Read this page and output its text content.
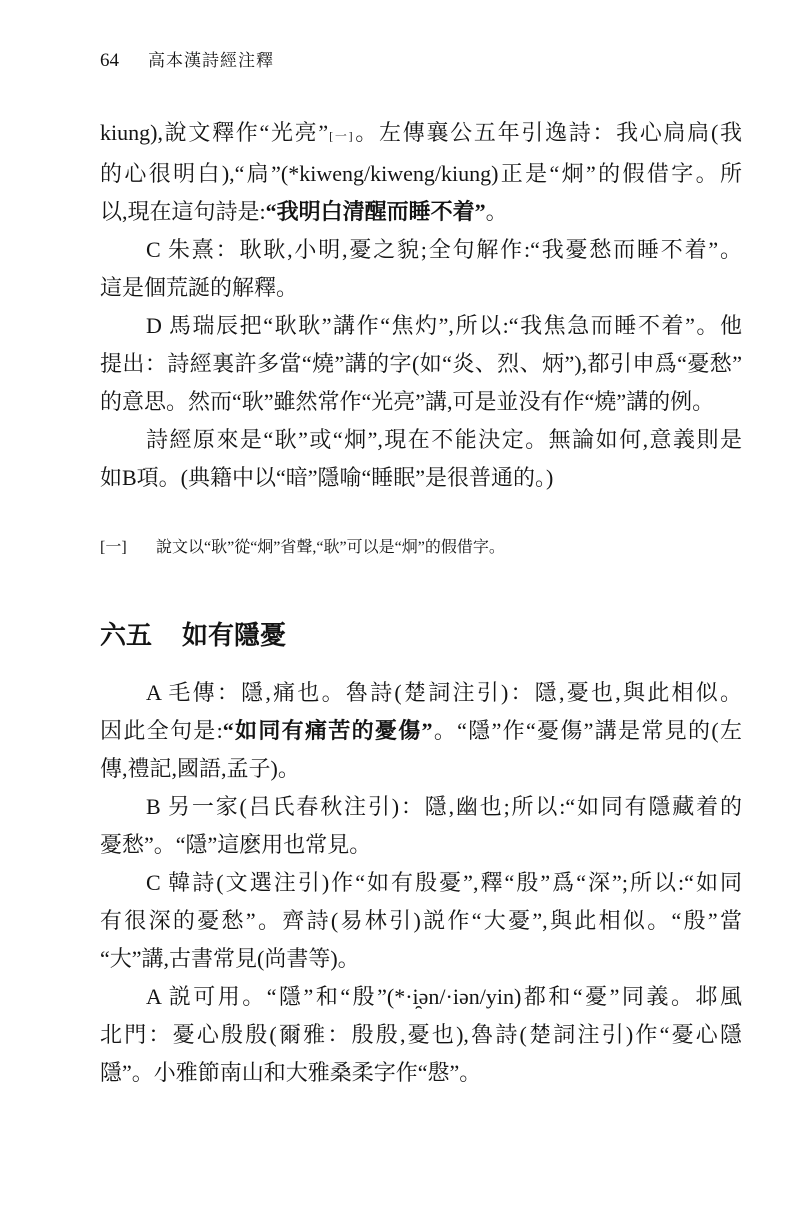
64 高本漢詩經注釋
kiung),說文釋作“光亮”[一]。左傳襄公五年引逸詩：我心扃扃(我
的心很明白),“扃”(*kiweng/kiweng/kiung)正是“炯”的假借字。所
以,現在這句詩是:“我明白清醒而睡不着”。
C 朱熹：耿耿,小明,憂之貌;全句解作:“我憂愁而睡不着”。
這是個荒誕的解釋。
D 馬瑞辰把“耿耿”講作“焦灼”,所以:“我焦急而睡不着”。他
提出：詩經裏許多當“燒”講的字(如“炎、烈、炳”),都引申爲“憂愁”
的意思。然而“耿”雖然常作“光亮”講,可是並没有作“燒”講的例。
詩經原來是“耿”或“炯”,現在不能決定。無論如何,意義則是
如B項。(典籍中以“暗”隱喻“睡眠”是很普通的。)
[一] 說文以“耿”從“炯”省聲,“耿”可以是“炯”的假借字。
六五 如有隱憂
A 毛傳：隱,痛也。魯詩(楚詞注引)：隱,憂也,與此相似。
因此全句是:“如同有痛苦的憂傷”。“隱”作“憂傷”講是常見的(左
傳,禮記,國語,孟子)。
B 另一家(吕氏春秋注引)：隱,幽也;所以:“如同有隱藏着的
憂愁”。“隱”這麽用也常見。
C 韓詩(文選注引)作“如有殷憂”,釋“殷”爲“深”;所以:“如同
有很深的憂愁”。齊詩(易林引)説作“大憂”,與此相似。“殷”當
“大”講,古書常見(尚書等)。
A 説可用。“隱”和“殷”(*·i̯ən/·iən/yin)都和“憂”同義。邶風
北門：憂心殷殷(爾雅：殷殷,憂也),魯詩(楚詞注引)作“憂心隱
隱”。小雅節南山和大雅桑柔字作“慇”。
